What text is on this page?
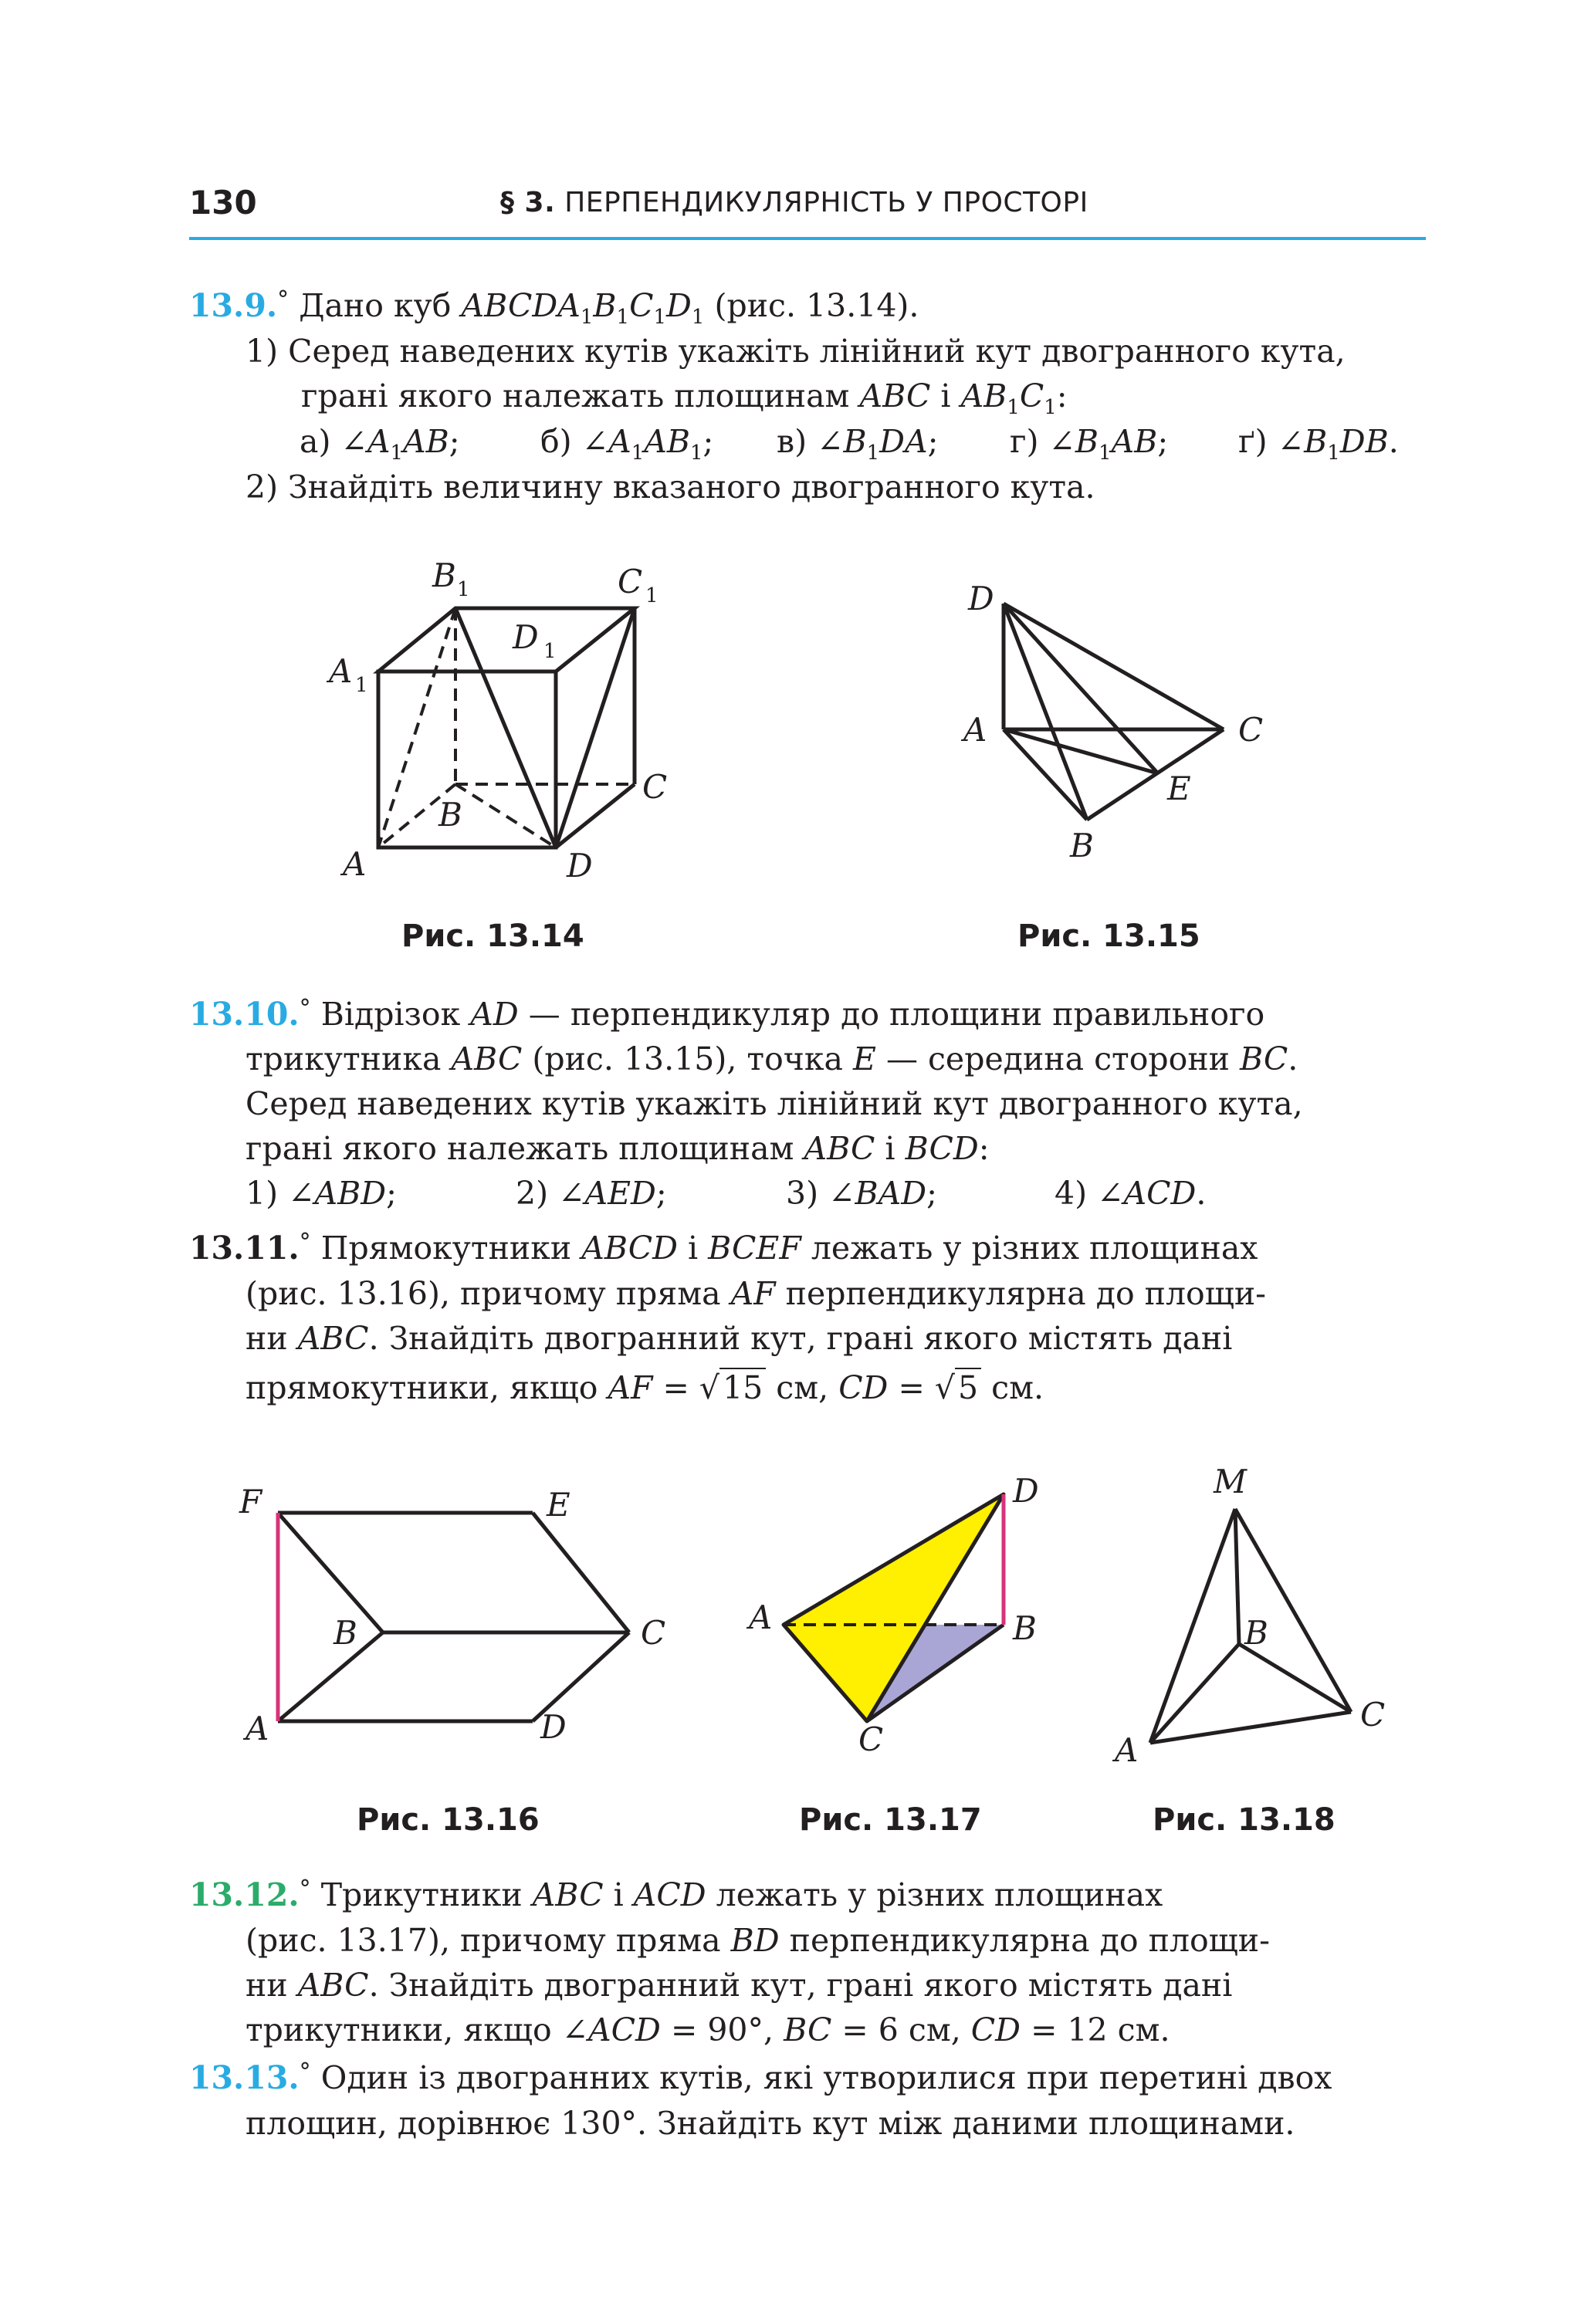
130	§ 3. ПЕРПЕНДИКУЛЯРНІСТЬ У ПРОСТОРІ
13.9.° Дано куб $ABCDA_1B_1C_1D_1$ (рис. 13.14).
1) Серед наведених кутів укажіть лінійний кут двогранного кута,
грані якого належать площинам ABC і $AB_1C_1$:
а) $\angle A_1AB$;	б) $\angle A_1AB_1$; в) $\angle B_1DA$; г) $\angle B_1AB$; ґ) $\angle B_1DB$.
2) Знайдіть величину вказаного двогранного кута.
B 1	C 1
D 1
A 1
C
B
A	D
Рис. 13.14
D
A	C
E
B
Рис. 13.15
13.10.° Відрізок AD — перпендикуляр до площини правильного
трикутника ABC (рис. 13.15), точка E — середина сторони BC.
Серед наведених кутів укажіть лінійний кут двогранного кута,
грані якого належать площинам ABC і BCD:
1) ∠ABD;	2) ∠AED;	3) ∠BAD;	4) ∠ACD.
13.11.° Прямокутники ABCD і BCEF лежать у різних площинах
(рис. 13.16), причому пряма AF перпендикулярна до площи-
ни ABC. Знайдіть двогранний кут, грані якого містять дані
прямокутники, якщо AF = √15 см, CD = √5 см.
F	E
B	C
A	D
Рис. 13.16
A
D
B
C
Рис. 13.17
M
B
C
A
Рис. 13.18
13.12.° Трикутники ABC і ACD лежать у різних площинах
(рис. 13.17), причому пряма BD перпендикулярна до площи-
ни ABC. Знайдіть двогранний кут, грані якого містять дані
трикутники, якщо ∠ACD = 90°, BC = 6 см, CD = 12 см.
13.13.° Один із двогранних кутів, які утворилися при перетині двох
площин, дорівнює 130°. Знайдіть кут між даними площинами.
